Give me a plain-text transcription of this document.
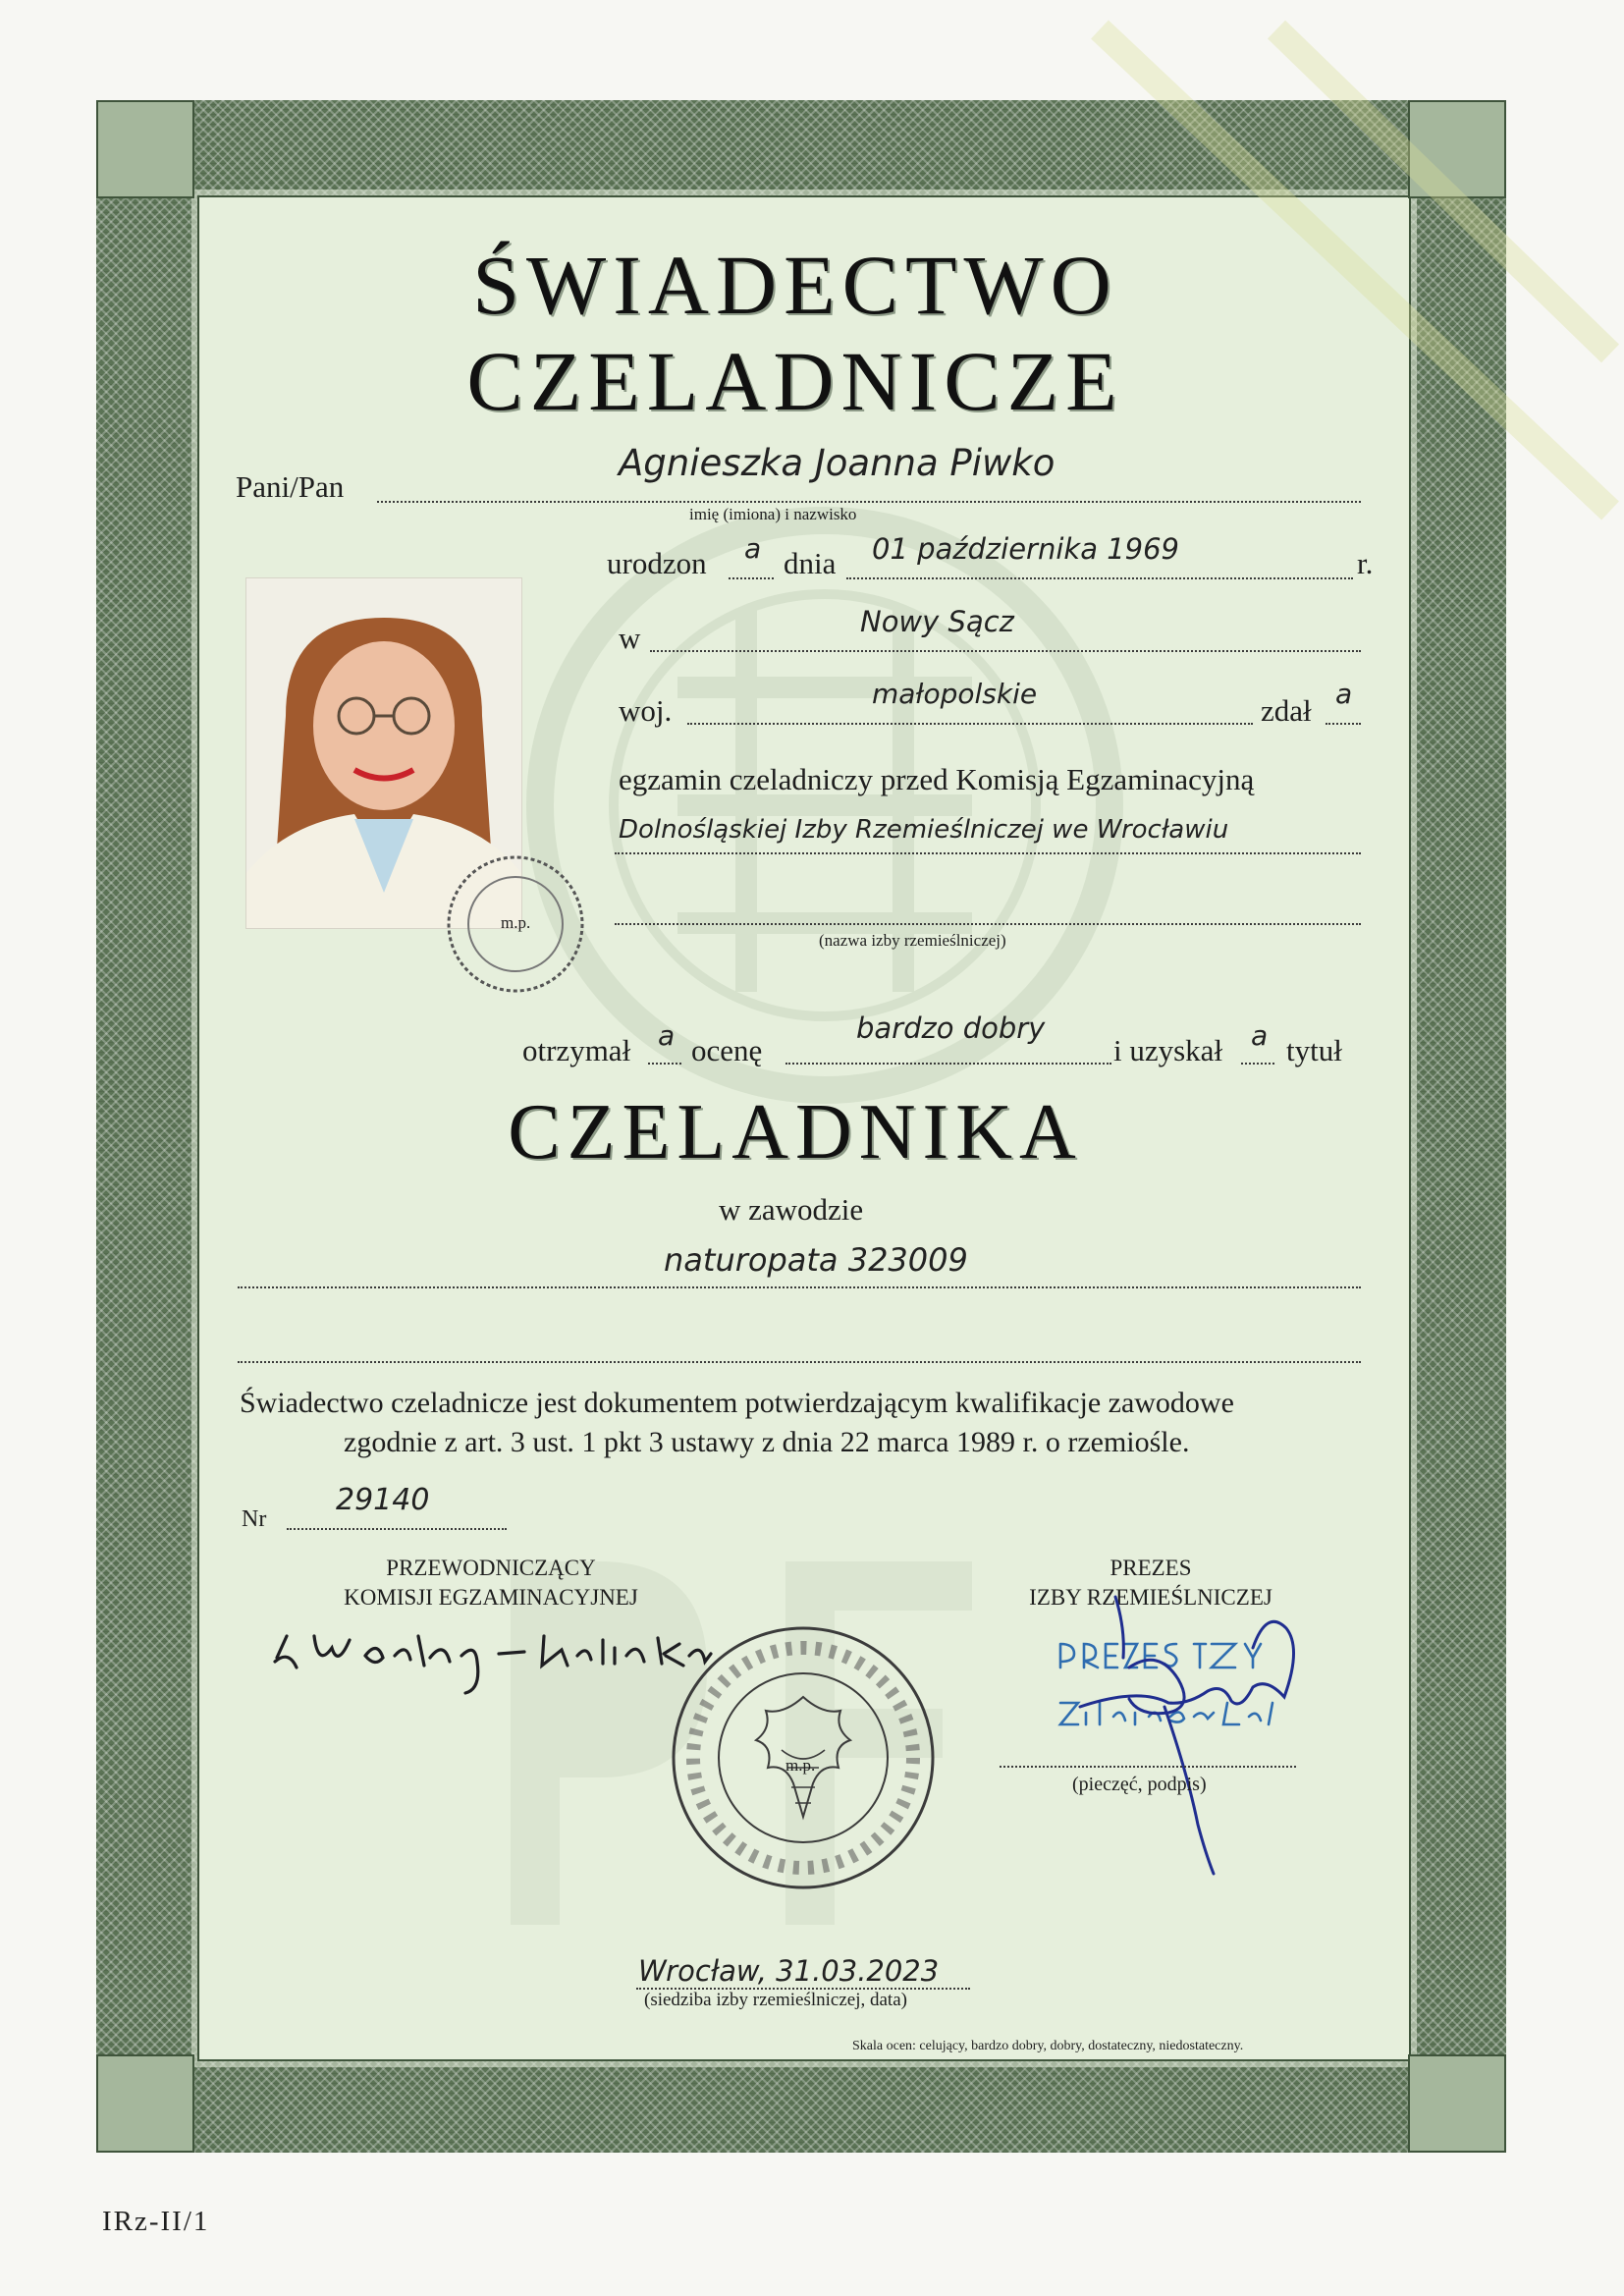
ŚWIADECTWO
CZELADNICZE
Pani/Pan
Agnieszka Joanna Piwko
imię (imiona) i nazwisko
m.p.
urodzon a dnia 01 października 1969	r.
w	Nowy Sącz
woj.	małopolskie	zdał a
egzamin czeladniczy przed Komisją Egzaminacyjną
Dolnośląskiej Izby Rzemieślniczej we Wrocławiu
(nazwa izby rzemieślniczej)
otrzymał a ocenę
bardzo dobry
i uzyskał a tytuł
CZELADNIKA
w zawodzie
naturopata 323009
Świadectwo czeladnicze jest dokumentem potwierdzającym kwalifikacje zawodowe
zgodnie z art. 3 ust. 1 pkt 3 ustawy z dnia 22 marca 1989 r. o rzemiośle.
Nr
29140
PRZEWODNICZĄCY
KOMISJI EGZAMINACYJNEJ
PREZES
IZBY RZEMIEŚLNICZEJ
(pieczęć, podpis)
m.p.
Wrocław, 31.03.2023
(siedziba izby rzemieślniczej, data)
Skala ocen: celujący, bardzo dobry, dobry, dostateczny, niedostateczny.
IRz-II/1
